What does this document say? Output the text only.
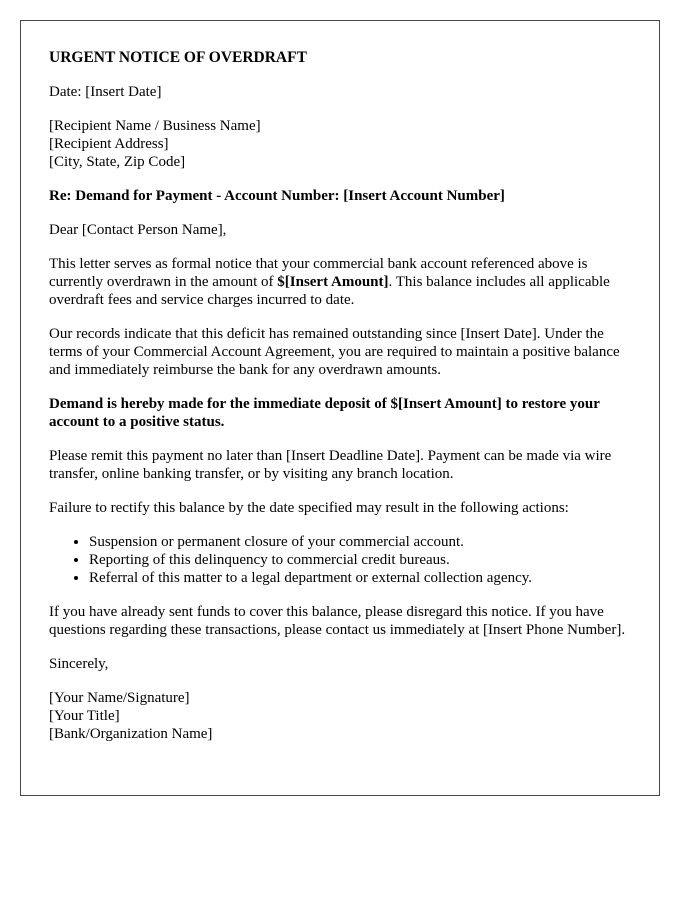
URGENT NOTICE OF OVERDRAFT

Date: [Insert Date]

[Recipient Name / Business Name]
[Recipient Address]
[City, State, Zip Code]

Re: Demand for Payment - Account Number: [Insert Account Number]

Dear [Contact Person Name],

This letter serves as formal notice that your commercial bank account referenced above is currently overdrawn in the amount of $[Insert Amount]. This balance includes all applicable overdraft fees and service charges incurred to date.

Our records indicate that this deficit has remained outstanding since [Insert Date]. Under the terms of your Commercial Account Agreement, you are required to maintain a positive balance and immediately reimburse the bank for any overdrawn amounts.

Demand is hereby made for the immediate deposit of $[Insert Amount] to restore your account to a positive status.

Please remit this payment no later than [Insert Deadline Date]. Payment can be made via wire transfer, online banking transfer, or by visiting any branch location.

Failure to rectify this balance by the date specified may result in the following actions:

• Suspension or permanent closure of your commercial account.
• Reporting of this delinquency to commercial credit bureaus.
• Referral of this matter to a legal department or external collection agency.

If you have already sent funds to cover this balance, please disregard this notice. If you have questions regarding these transactions, please contact us immediately at [Insert Phone Number].

Sincerely,

[Your Name/Signature]
[Your Title]
[Bank/Organization Name]
